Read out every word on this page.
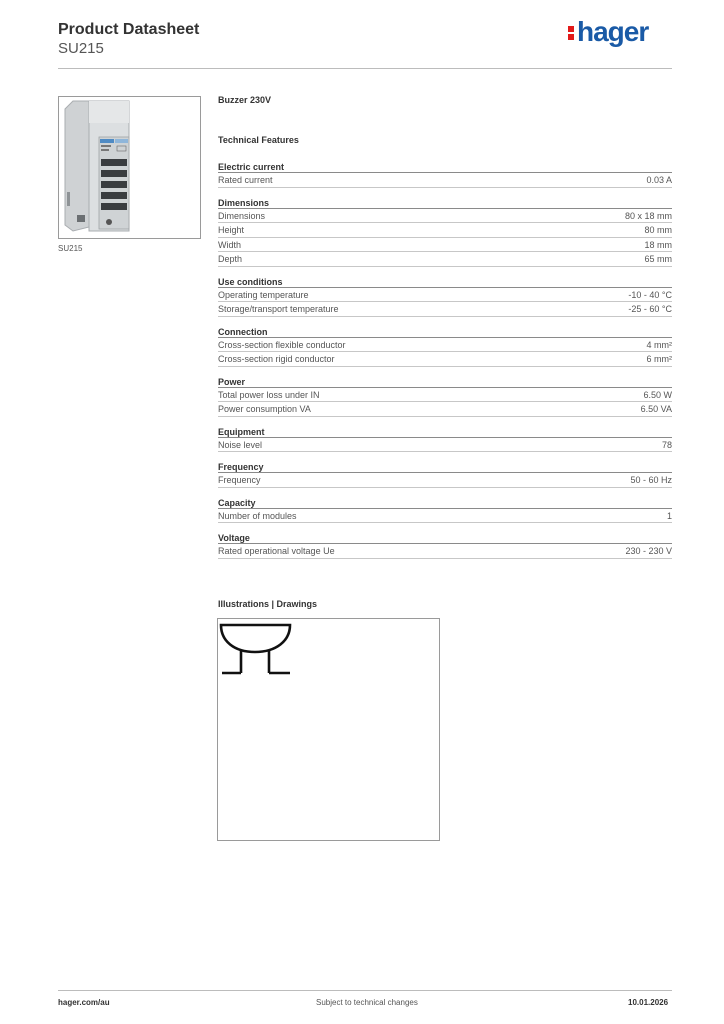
Product Datasheet
SU215
hager
SU215
Buzzer 230V
Technical Features
Electric current
Rated current	0.03 A
Dimensions
Dimensions	80 x 18 mm
Height	80 mm
Width	18 mm
Depth	65 mm
Use conditions
Operating temperature	-10 - 40 °C
Storage/transport temperature	-25 - 60 °C
Connection
Cross-section flexible conductor	4 mm²
Cross-section rigid conductor	6 mm²
Power
Total power loss under IN	6.50 W
Power consumption VA	6.50 VA
Equipment
Noise level	78
Frequency
Frequency	50 - 60 Hz
Capacity
Number of modules	1
Voltage
Rated operational voltage Ue	230 - 230 V
Illustrations | Drawings
hager.com/au	Subject to technical changes	10.01.2026
